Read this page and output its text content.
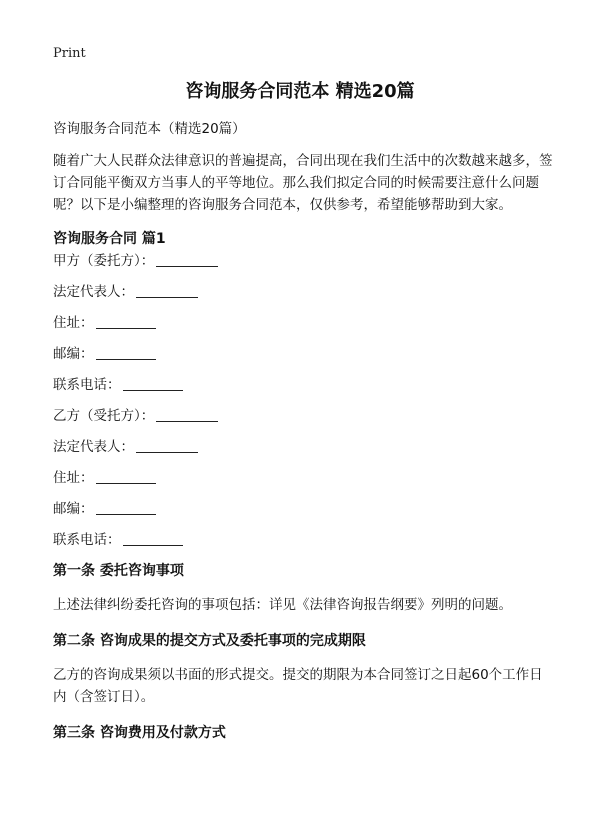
Print
咨询服务合同范本 精选20篇

咨询服务合同范本（精选20篇）

随着广大人民群众法律意识的普遍提高，合同出现在我们生活中的次数越来越多，签订合同能平衡双方当事人的平等地位。那么我们拟定合同的时候需要注意什么问题呢？以下是小编整理的咨询服务合同范本，仅供参考，希望能够帮助到大家。

咨询服务合同 篇1

甲方（委托方）：
法定代表人：
住址：
邮编：
联系电话：
乙方（受托方）：
法定代表人：
住址：
邮编：
联系电话：

第一条 委托咨询事项

上述法律纠纷委托咨询的事项包括：详见《法律咨询报告纲要》列明的问题。

第二条 咨询成果的提交方式及委托事项的完成期限

乙方的咨询成果须以书面的形式提交。提交的期限为本合同签订之日起60个工作日内（含签订日）。

第三条 咨询费用及付款方式
